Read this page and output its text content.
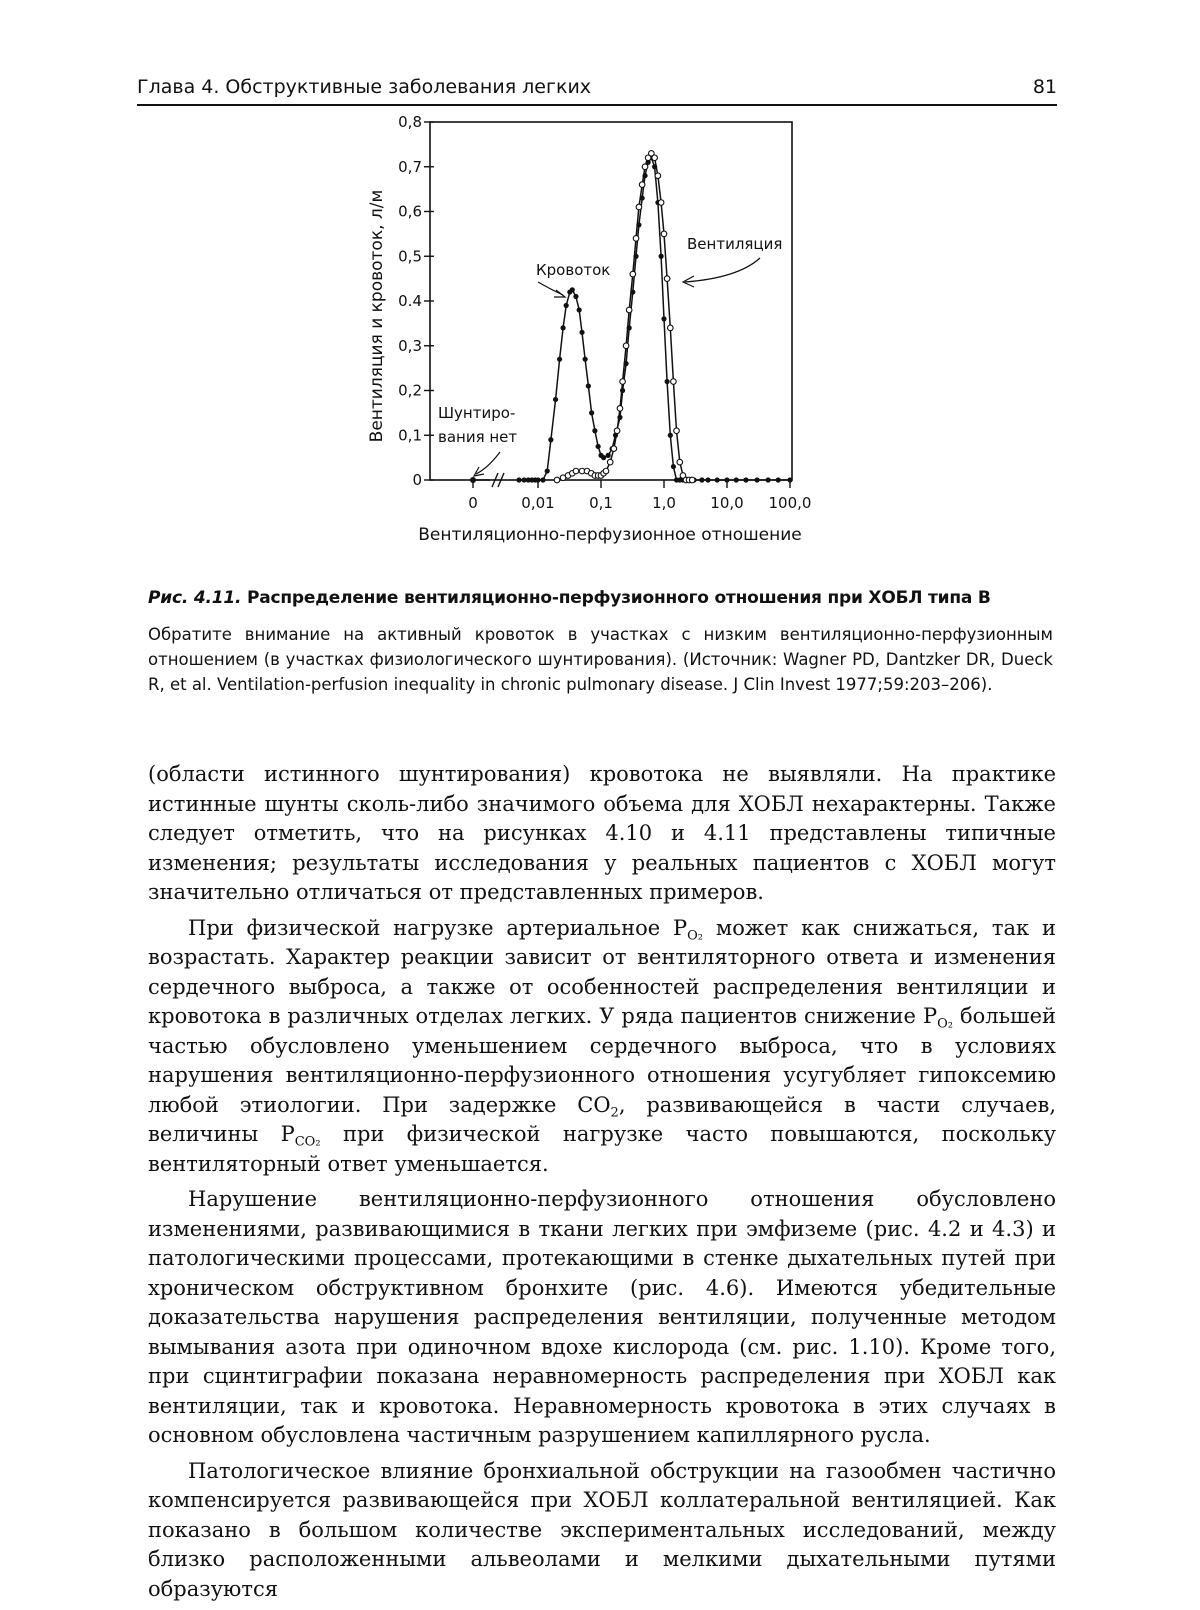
Глава 4. Обструктивные заболевания легких	81
0
0,1
0,2
0,3
0.4
0,5
0,6
0,7
0,8
0	0,01 0,1	1,0 10,0 100,0
Кровоток
Вентиляция
Шунтиро-
вания нет
Вентиляция и кровоток, л/м
Вентиляционно-перфузионное отношение
Рис. 4.11. Распределение вентиляционно-перфузионного отношения при ХОБЛ типа В
Обратите внимание на активный кровоток в участках с низким вентиляционно-перфузионным отношением (в участках физиологического шунтирования). (Источник: Wagner PD, Dantzker DR, Dueck R, et al. Ventilation-perfusion inequality in chronic pulmonary disease. J Clin Invest 1977;59:203–206).

(области истинного шунтирования) кровотока не выявляли. На практике истинные шунты сколь-либо значимого объема для ХОБЛ нехарактерны. Также следует отметить, что на рисунках 4.10 и 4.11 представлены типичные изменения; результаты исследования у реальных пациентов с ХОБЛ могут значительно отличаться от представленных примеров.

При физической нагрузке артериальное $P_{O_2}$ может как снижаться, так и возрастать. Характер реакции зависит от вентиляторного ответа и изменения сердечного выброса, а также от особенностей распределения вентиляции и кровотока в различных отделах легких. У ряда пациентов снижение $P_{O_2}$ большей частью обусловлено уменьшением сердечного выброса, что в условиях нарушения вентиляционно-перфузионного отношения усугубляет гипоксемию любой этиологии. При задержке $CO_2$, развивающейся в части случаев, величины $P_{CO_2}$ при физической нагрузке часто повышаются, поскольку вентиляторный ответ уменьшается.

Нарушение вентиляционно-перфузионного отношения обусловлено изменениями, развивающимися в ткани легких при эмфиземе (рис. 4.2 и 4.3) и патологическими процессами, протекающими в стенке дыхательных путей при хроническом обструктивном бронхите (рис. 4.6). Имеются убедительные доказательства нарушения распределения вентиляции, полученные методом вымывания азота при одиночном вдохе кислорода (см. рис. 1.10). Кроме того, при сцинтиграфии показана неравномерность распределения при ХОБЛ как вентиляции, так и кровотока. Неравномерность кровотока в этих случаях в основном обусловлена частичным разрушением капиллярного русла.

Патологическое влияние бронхиальной обструкции на газообмен частично компенсируется развивающейся при ХОБЛ коллатеральной вентиляцией. Как показано в большом количестве экспериментальных исследований, между близко расположенными альвеолами и мелкими дыхательными путями образуются
